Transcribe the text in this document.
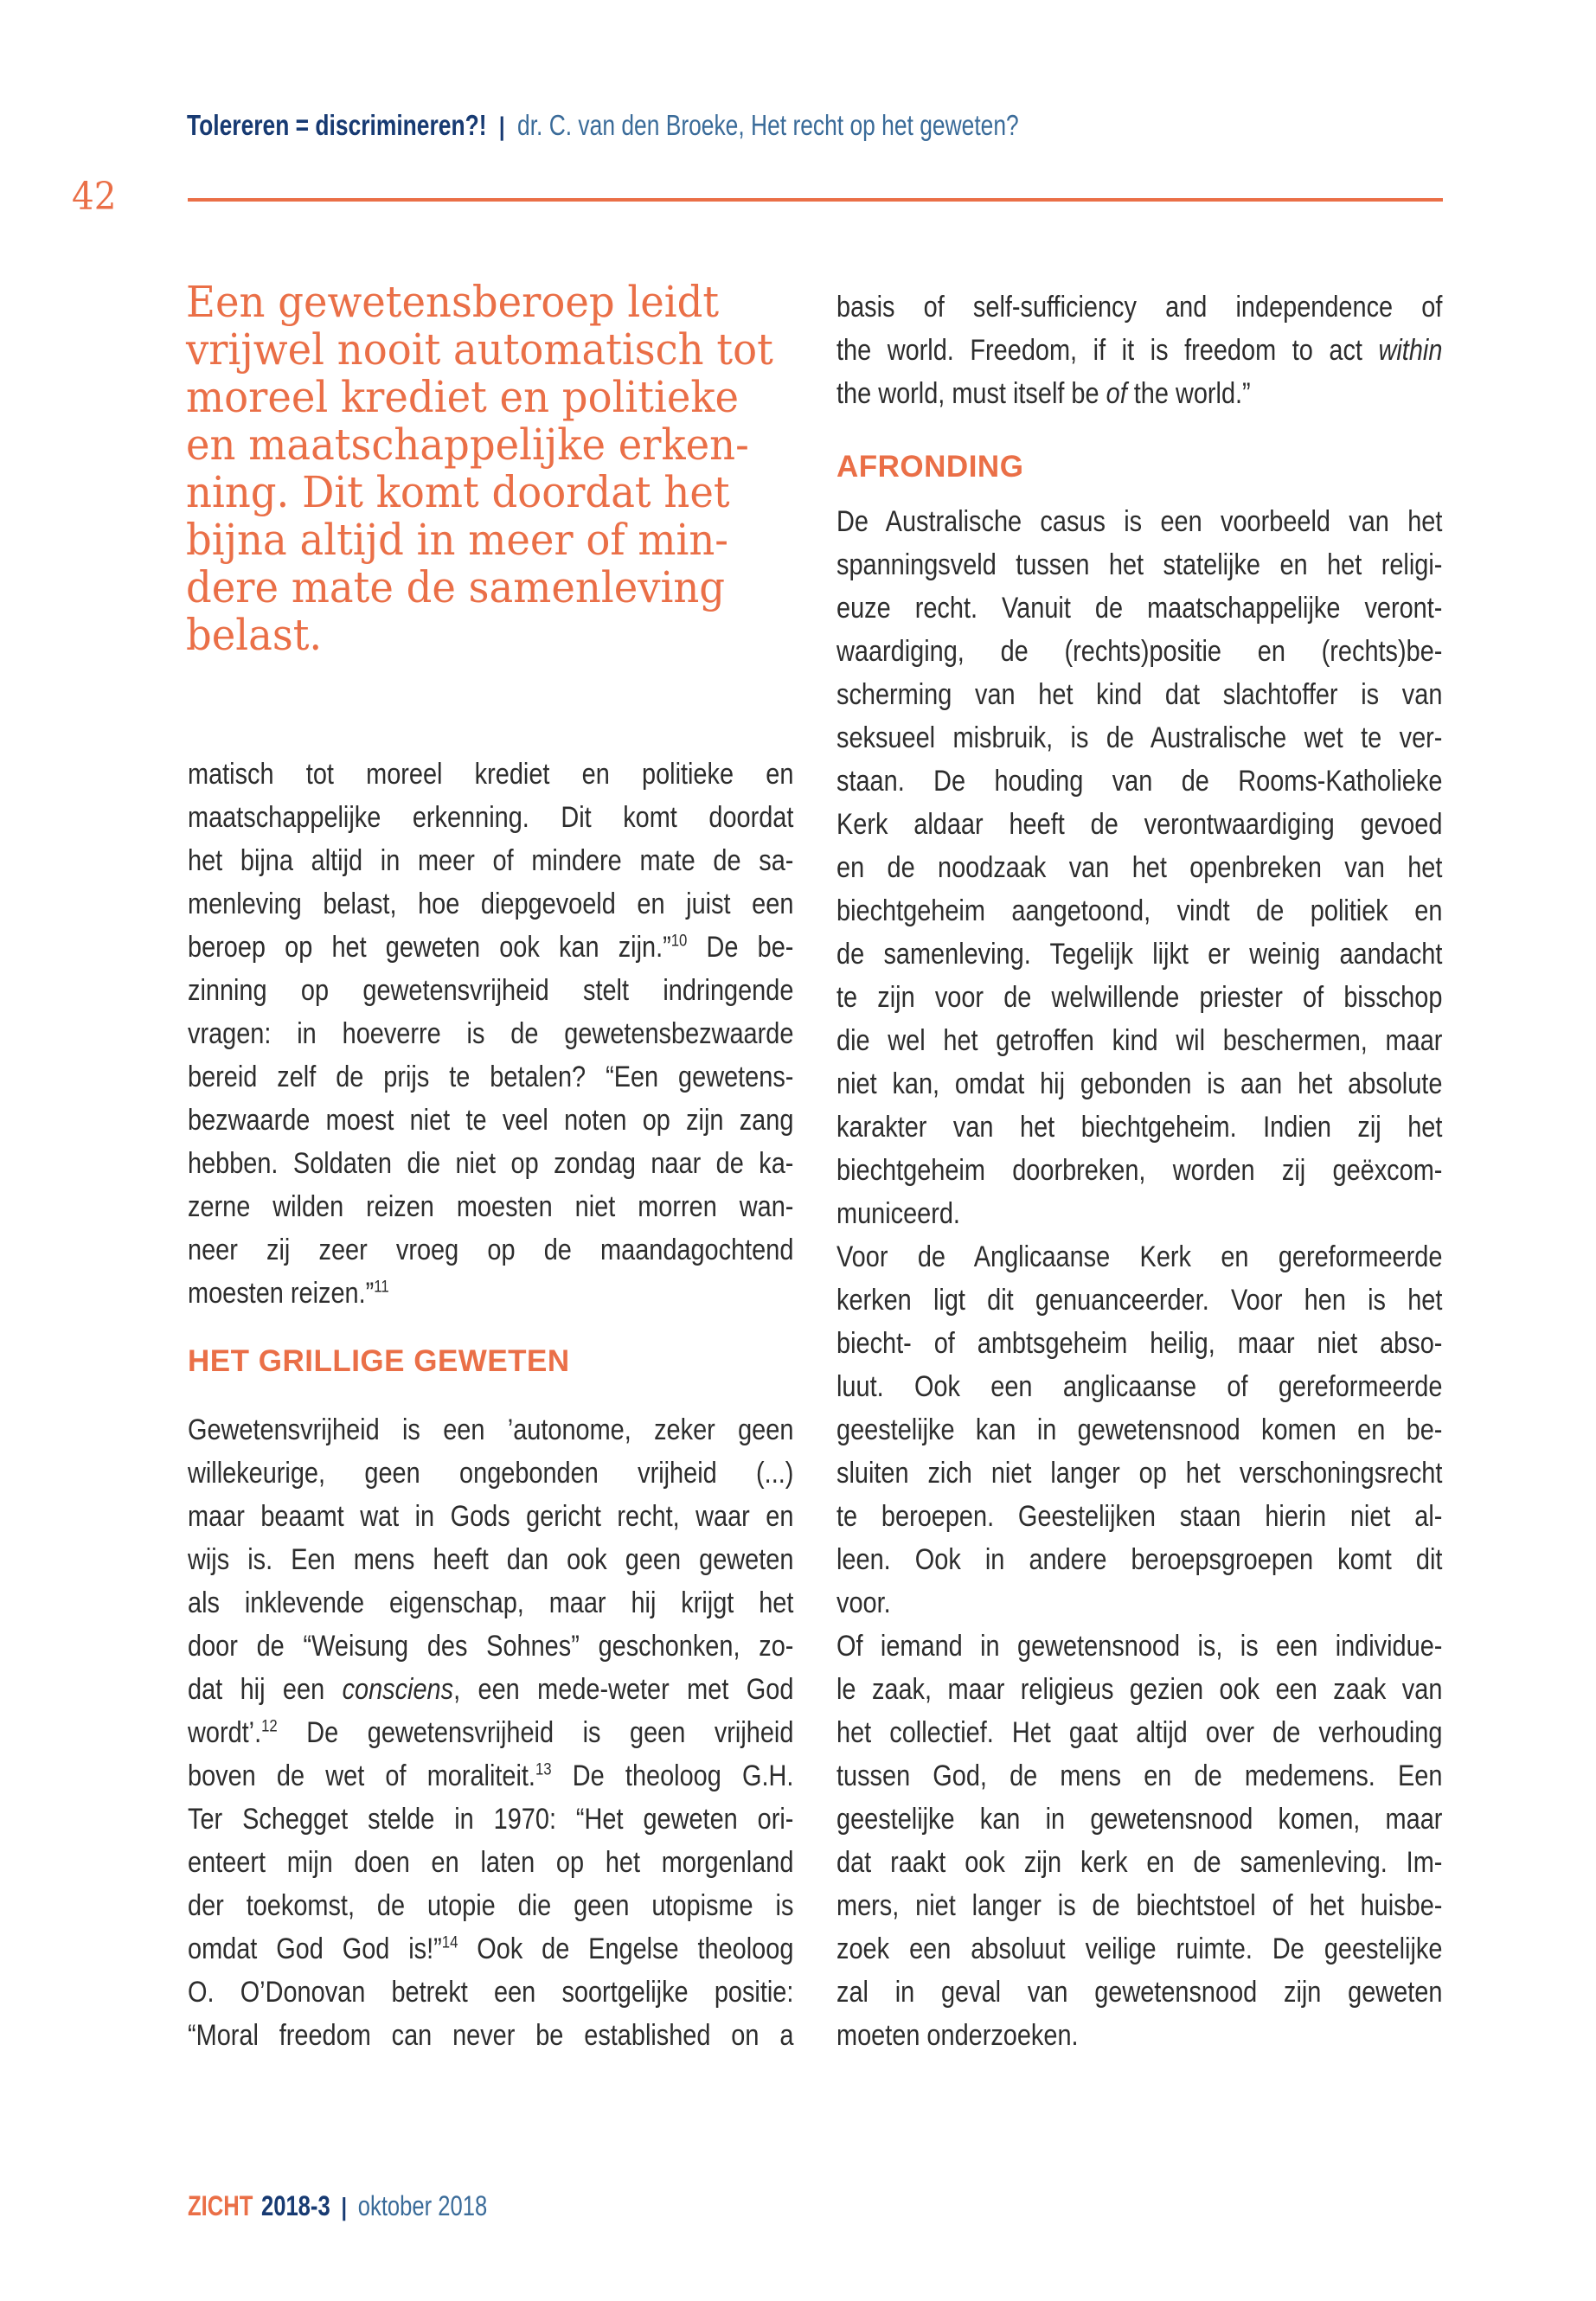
Tolereren = discrimineren?! | dr. C. van den Broeke, Het recht op het geweten?
42
Een gewetensberoep leidt
vrijwel nooit automatisch tot
moreel krediet en politieke
en maatschappelijke erken-
ning. Dit komt doordat het
bijna altijd in meer of min-
dere mate de samenleving
belast.
matisch tot moreel krediet en politieke en
maatschappelijke erkenning. Dit komt doordat
het bijna altijd in meer of mindere mate de sa-
menleving belast, hoe diepgevoeld en juist een
beroep op het geweten ook kan zijn.”$^{10}$ De be-
zinning op gewetensvrijheid stelt indringende
vragen: in hoeverre is de gewetensbezwaarde
bereid zelf de prijs te betalen? “Een gewetens-
bezwaarde moest niet te veel noten op zijn zang
hebben. Soldaten die niet op zondag naar de ka-
zerne wilden reizen moesten niet morren wan-
neer zij zeer vroeg op de maandagochtend
moesten reizen.”$^{11}$
HET GRILLIGE GEWETEN
Gewetensvrijheid is een ’autonome, zeker geen
willekeurige, geen ongebonden vrijheid (...)
maar beaamt wat in Gods gericht recht, waar en
wijs is. Een mens heeft dan ook geen geweten
als inklevende eigenschap, maar hij krijgt het
door de “Weisung des Sohnes” geschonken, zo-
dat hij een consciens, een mede-weter met God
wordt’.$^{12}$ De gewetensvrijheid is geen vrijheid
boven de wet of moraliteit.$^{13}$ De theoloog G.H.
Ter Schegget stelde in 1970: “Het geweten ori-
enteert mijn doen en laten op het morgenland
der toekomst, de utopie die geen utopisme is
omdat God God is!”$^{14}$ Ook de Engelse theoloog
O. O’Donovan betrekt een soortgelijke positie:
“Moral freedom can never be established on a
basis of self-sufficiency and independence of
the world. Freedom, if it is freedom to act within
the world, must itself be of the world.”
AFRONDING
De Australische casus is een voorbeeld van het
spanningsveld tussen het statelijke en het religi-
euze recht. Vanuit de maatschappelijke veront-
waardiging, de (rechts)positie en (rechts)be-
scherming van het kind dat slachtoffer is van
seksueel misbruik, is de Australische wet te ver-
staan. De houding van de Rooms-Katholieke
Kerk aldaar heeft de verontwaardiging gevoed
en de noodzaak van het openbreken van het
biechtgeheim aangetoond, vindt de politiek en
de samenleving. Tegelijk lijkt er weinig aandacht
te zijn voor de welwillende priester of bisschop
die wel het getroffen kind wil beschermen, maar
niet kan, omdat hij gebonden is aan het absolute
karakter van het biechtgeheim. Indien zij het
biechtgeheim doorbreken, worden zij geëxcom-
municeerd.
Voor de Anglicaanse Kerk en gereformeerde
kerken ligt dit genuanceerder. Voor hen is het
biecht- of ambtsgeheim heilig, maar niet abso-
luut. Ook een anglicaanse of gereformeerde
geestelijke kan in gewetensnood komen en be-
sluiten zich niet langer op het verschoningsrecht
te beroepen. Geestelijken staan hierin niet al-
leen. Ook in andere beroepsgroepen komt dit
voor.
Of iemand in gewetensnood is, is een individue-
le zaak, maar religieus gezien ook een zaak van
het collectief. Het gaat altijd over de verhouding
tussen God, de mens en de medemens. Een
geestelijke kan in gewetensnood komen, maar
dat raakt ook zijn kerk en de samenleving. Im-
mers, niet langer is de biechtstoel of het huisbe-
zoek een absoluut veilige ruimte. De geestelijke
zal in geval van gewetensnood zijn geweten
moeten onderzoeken.
ZICHT 2018-3 | oktober 2018
